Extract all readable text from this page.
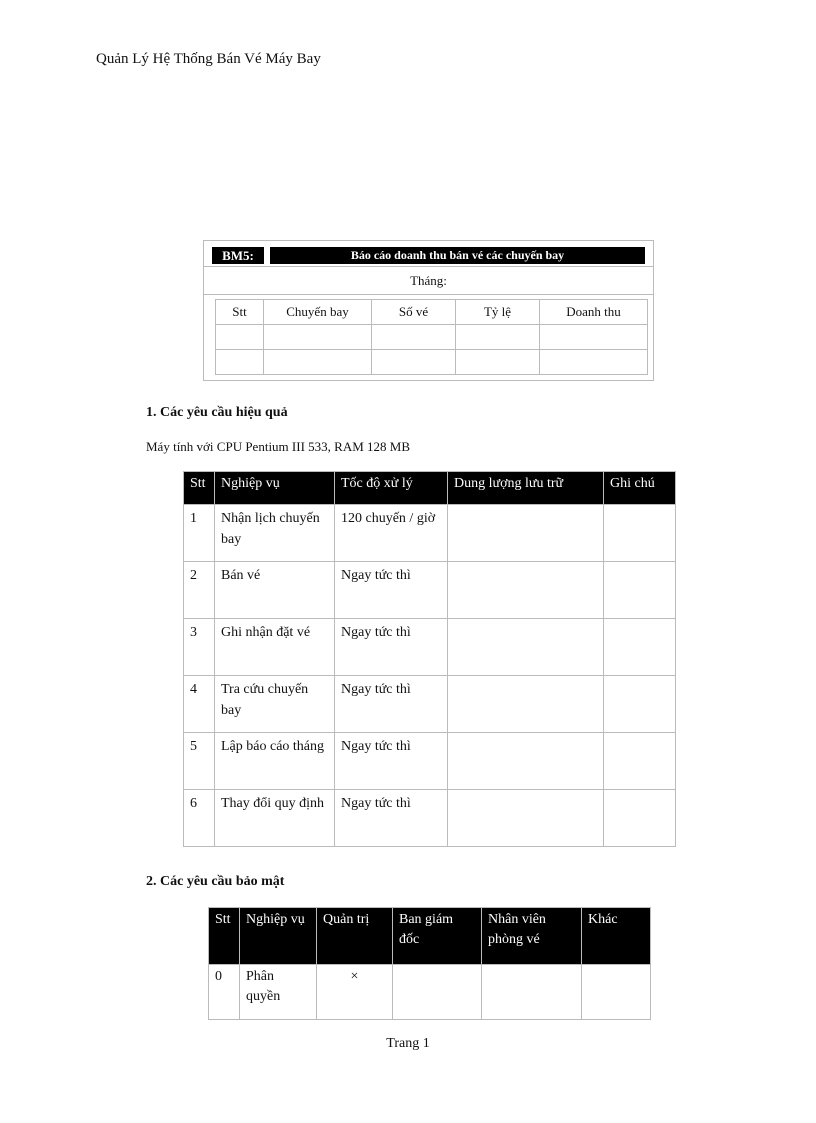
Quản Lý Hệ Thống Bán Vé Máy Bay
BM5:	Báo cáo doanh thu bán vé các chuyến bay
Tháng:
Stt	Chuyến bay	Số vé	Tỷ lệ	Doanh thu

1. Các yêu cầu hiệu quả
Máy tính với CPU Pentium III 533, RAM 128 MB
Stt	Nghiệp vụ	Tốc độ xử lý	Dung lượng lưu trữ	Ghi chú
1	Nhận lịch chuyến bay	120 chuyến / giờ		
2	Bán vé	Ngay tức thì		
3	Ghi nhận đặt vé	Ngay tức thì		
4	Tra cứu chuyến bay	Ngay tức thì		
5	Lập báo cáo tháng	Ngay tức thì		
6	Thay đổi quy định	Ngay tức thì		
2. Các yêu cầu bảo mật
Stt	Nghiệp vụ	Quản trị	Ban giám đốc	Nhân viên phòng vé	Khác
0	Phân quyền	×			
Trang 1
